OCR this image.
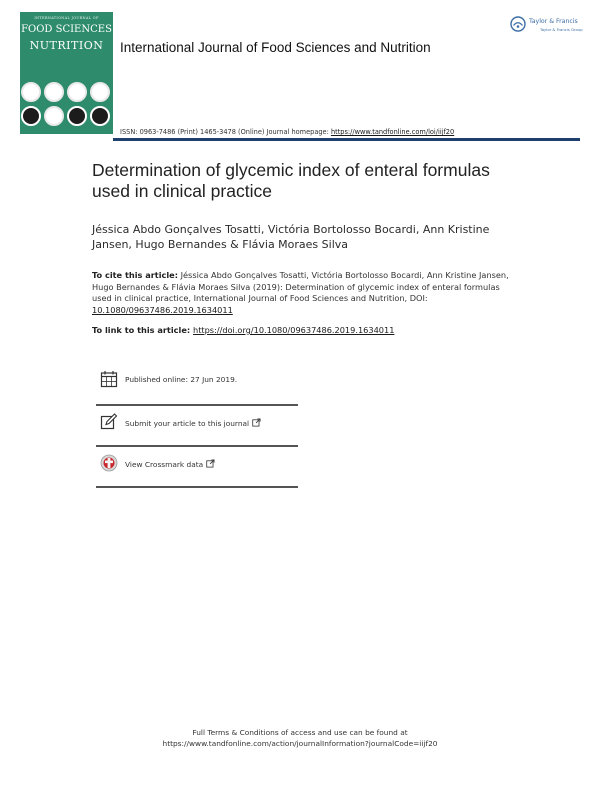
INTERNATIONAL JOURNAL OF
FOOD SCIENCES
NUTRITION	International Journal of Food Sciences and Nutrition
Taylor & Francis
Taylor & Francis Group
ISSN: 0963-7486 (Print) 1465-3478 (Online) Journal homepage: https://www.tandfonline.com/loi/iijf20
Determination of glycemic index of enteral formulas used in clinical practice
Jéssica Abdo Gonçalves Tosatti, Victória Bortolosso Bocardi, Ann Kristine Jansen, Hugo Bernandes & Flávia Moraes Silva
To cite this article: Jéssica Abdo Gonçalves Tosatti, Victória Bortolosso Bocardi, Ann Kristine Jansen, Hugo Bernandes & Flávia Moraes Silva (2019): Determination of glycemic index of enteral formulas used in clinical practice, International Journal of Food Sciences and Nutrition, DOI: 10.1080/09637486.2019.1634011
To link to this article: https://doi.org/10.1080/09637486.2019.1634011
Published online: 27 Jun 2019.
Submit your article to this journal
View Crossmark data
Full Terms & Conditions of access and use can be found at
https://www.tandfonline.com/action/journalInformation?journalCode=iijf20
